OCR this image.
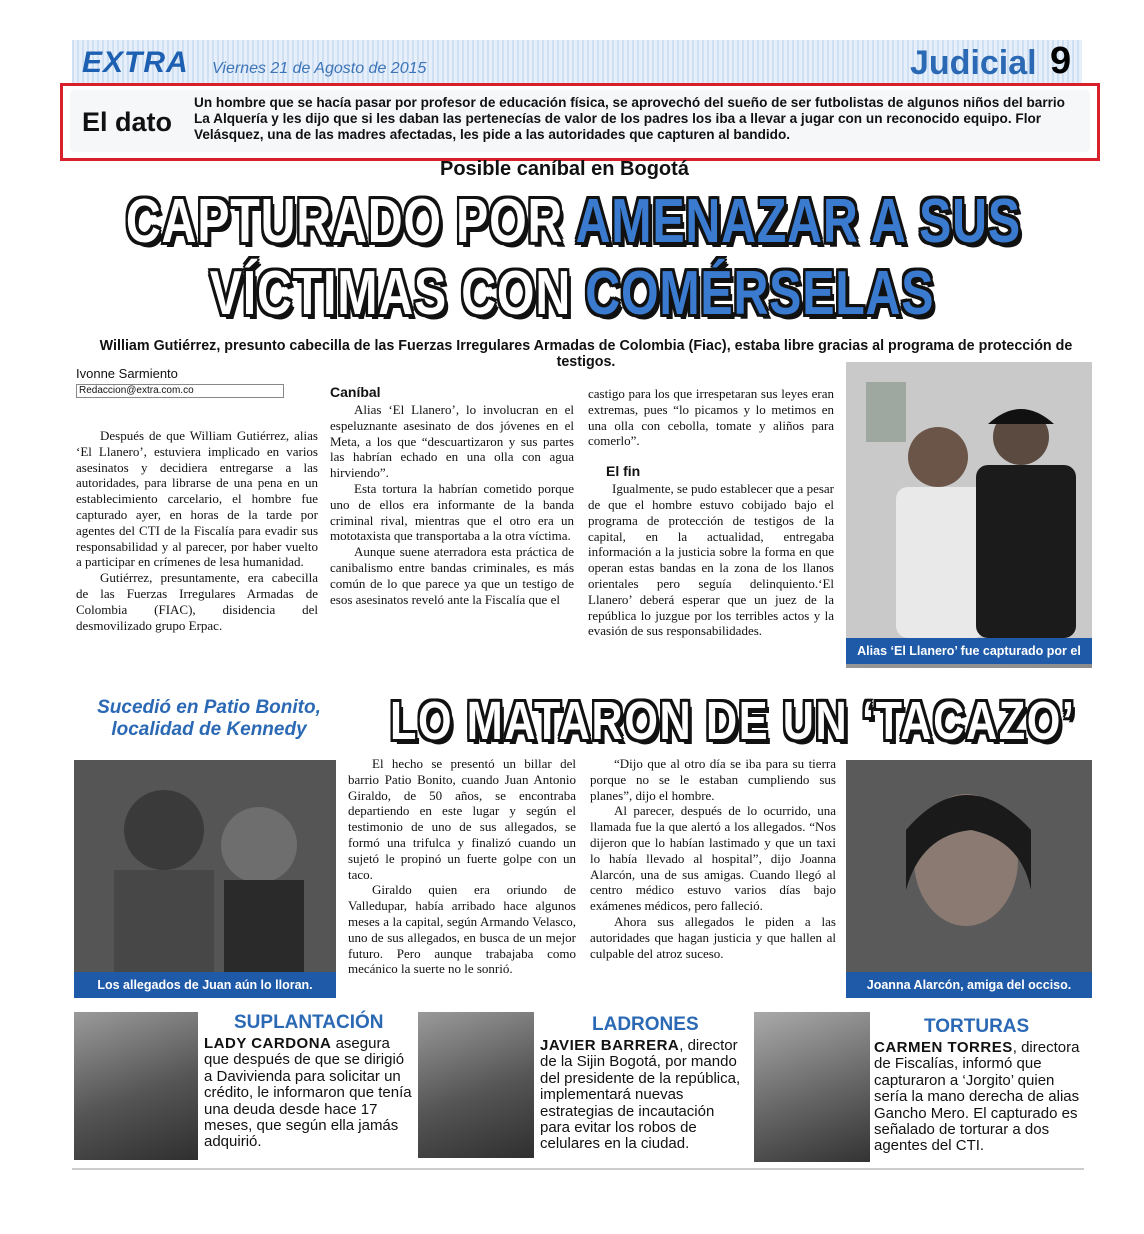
EXTRA Viernes 21 de Agosto de 2015	Judicial 9
El dato
Un hombre que se hacía pasar por profesor de educación física, se aprovechó del sueño de ser futbolistas de algunos niños del barrio La Alquería y les dijo que si les daban las pertenecías de valor de los padres los iba a llevar a jugar con un reconocido equipo. Flor Velásquez, una de las madres afectadas, les pide a las autoridades que capturen al bandido.
Posible caníbal en Bogotá
CAPTURADO POR AMENAZAR A SUS
VÍCTIMAS CON COMÉRSELAS
William Gutiérrez, presunto cabecilla de las Fuerzas Irregulares Armadas de Colombia (Fiac), estaba libre gracias al programa de protección de testigos.
Ivonne Sarmiento
Redaccion@extra.com.co

Después de que William Gutiérrez, alias ‘El Llanero’, estuviera implicado en varios asesinatos y decidiera entregarse a las autoridades, para librarse de una pena en un establecimiento carcelario, el hombre fue capturado ayer, en horas de la tarde por agentes del CTI de la Fiscalía para evadir sus responsabilidad y al parecer, por haber vuelto a participar en crímenes de lesa humanidad.

Gutiérrez, presuntamente, era cabecilla de las Fuerzas Irregulares Armadas de Colombia (FIAC), disidencia del desmovilizado grupo Erpac.

Caníbal

Alias ‘El Llanero’, lo involucran en el espeluznante asesinato de dos jóvenes en el Meta, a los que “descuartizaron y sus partes las habrían echado en una olla con agua hirviendo”.

Esta tortura la habrían cometido porque uno de ellos era informante de la banda criminal rival, mientras que el otro era un mototaxista que transportaba a la otra víctima.

Aunque suene aterradora esta práctica de canibalismo entre bandas criminales, es más común de lo que parece ya que un testigo de esos asesinatos reveló ante la Fiscalía que el

castigo para los que irrespetaran sus leyes eran extremas, pues “lo picamos y lo metimos en una olla con cebolla, tomate y aliños para comerlo”.

El fin

Igualmente, se pudo establecer que a pesar de que el hombre estuvo cobijado bajo el programa de protección de testigos de la capital, en la actualidad, entregaba información a la justicia sobre la forma en que operan estas bandas en la zona de los llanos orientales pero seguía delinquiento.‘El Llanero’ deberá esperar que un juez de la república lo juzgue por los terribles actos y la evasión de sus responsabilidades.

Alias ‘El Llanero’ fue capturado por el CTI.
Sucedió en Patio Bonito,
localidad de Kennedy	LO MATARON DE UN ‘TACAZO’
Los allegados de Juan aún lo lloran.

El hecho se presentó un billar del barrio Patio Bonito, cuando Juan Antonio Giraldo, de 50 años, se encontraba departiendo en este lugar y según el testimonio de uno de sus allegados, se formó una trifulca y finalizó cuando un sujetó le propinó un fuerte golpe con un taco.

Giraldo quien era oriundo de Valledupar, había arribado hace algunos meses a la capital, según Armando Velasco, uno de sus allegados, en busca de un mejor futuro. Pero aunque trabajaba como mecánico la suerte no le sonrió.

“Dijo que al otro día se iba para su tierra porque no se le estaban cumpliendo sus planes”, dijo el hombre.

Al parecer, después de lo ocurrido, una llamada fue la que alertó a los allegados. “Nos dijeron que lo habían lastimado y que un taxi lo había llevado al hospital”, dijo Joanna Alarcón, una de sus amigas. Cuando llegó al centro médico estuvo varios días bajo exámenes médicos, pero falleció.

Ahora sus allegados le piden a las autoridades que hagan justicia y que hallen al culpable del atroz suceso.

Joanna Alarcón, amiga del occiso.
SUPLANTACIÓN
LADY CARDONA asegura que después de que se dirigió a Davivienda para solicitar un crédito, le informaron que tenía una deuda desde hace 17 meses, que según ella jamás adquirió.
LADRONES
JAVIER BARRERA, director de la Sijin Bogotá, por mando del presidente de la república, implementará nuevas estrategias de incautación para evitar los robos de celulares en la ciudad.
TORTURAS
CARMEN TORRES, directora de Fiscalías, informó que capturaron a ‘Jorgito’ quien sería la mano derecha de alias Gancho Mero. El capturado es señalado de torturar a dos agentes del CTI.
